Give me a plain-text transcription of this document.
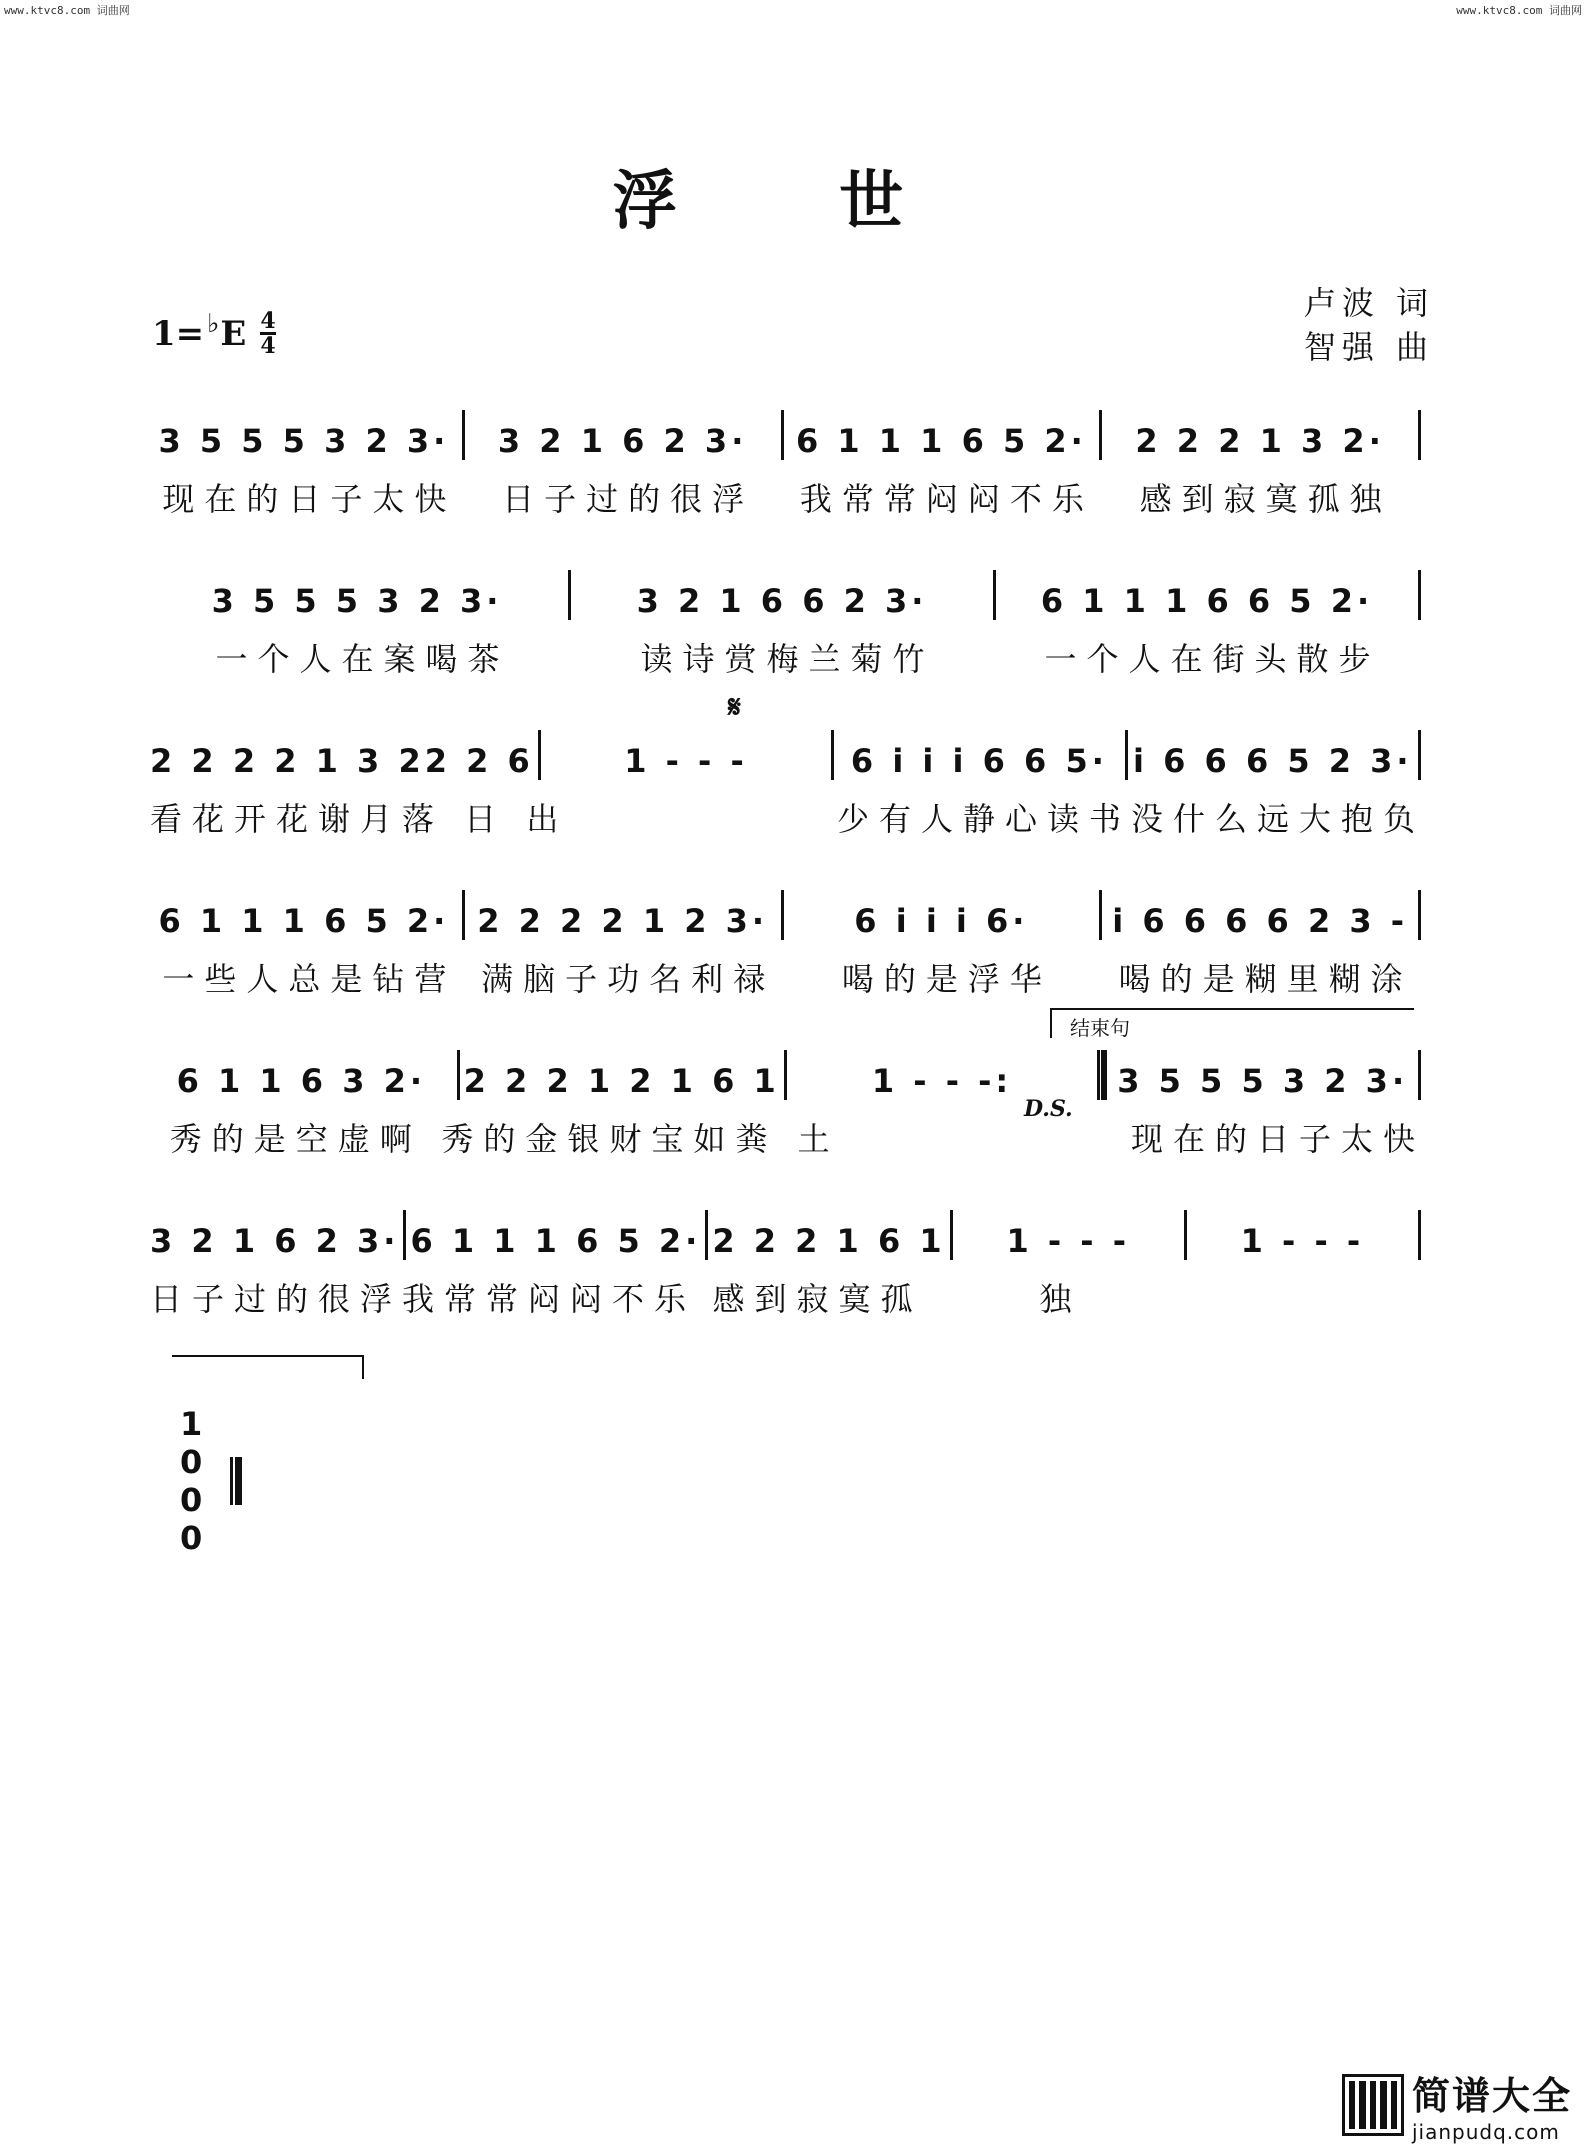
www.ktvc8.com 词曲网	www.ktvc8.com 词曲网
浮 世
1= ♭ E 4
4
卢波 词
智强 曲
3 5 5 5 3 2 3·	3 2 1 6 2 3·	6 1 1 1 6 5 2·	2 2 2 1 3 2·
现在的日子太快	日子过的很浮	我常常闷闷不乐	感到寂寞孤独
3 5 5 5 3 2 3·	3 2 1 6 6 2 3·	6 1 1 1 6 6 5 2·
一个人在案喝茶	读诗赏梅兰菊竹	一个人在街头散步
𝄋
2 2 2 2 1 3 22 2 6	1 - - -	6 i i i 6 6 5· i 6 6 6 5 2 3·
看花开花谢月落 日 出	少有人静心读书 没什么远大抱负
6 1 1 1 6 5 2· 2 2 2 2 1 2 3·	6 i i i 6·	i 6 6 6 6 2 3 -
一些人总是钻营 满脑子功名利禄	喝的是浮华	喝的是糊里糊涂
结束句
6 1 1 6 3 2·	2 2 2 1 2 1 6 1	1 - - -:	3 5 5 5 3 2 3·
秀的是空虚啊 秀的金银财宝如粪 土	现在的日子太快
D.S.
3 2 1 6 2 3· 6 1 1 1 6 5 2· 2 2 2 1 6 1	1 - - -	1 - - -
日子过的很浮 我常常闷闷不乐 感到寂寞孤	独
1 0 0 0
简谱大全
jianpudq.com
